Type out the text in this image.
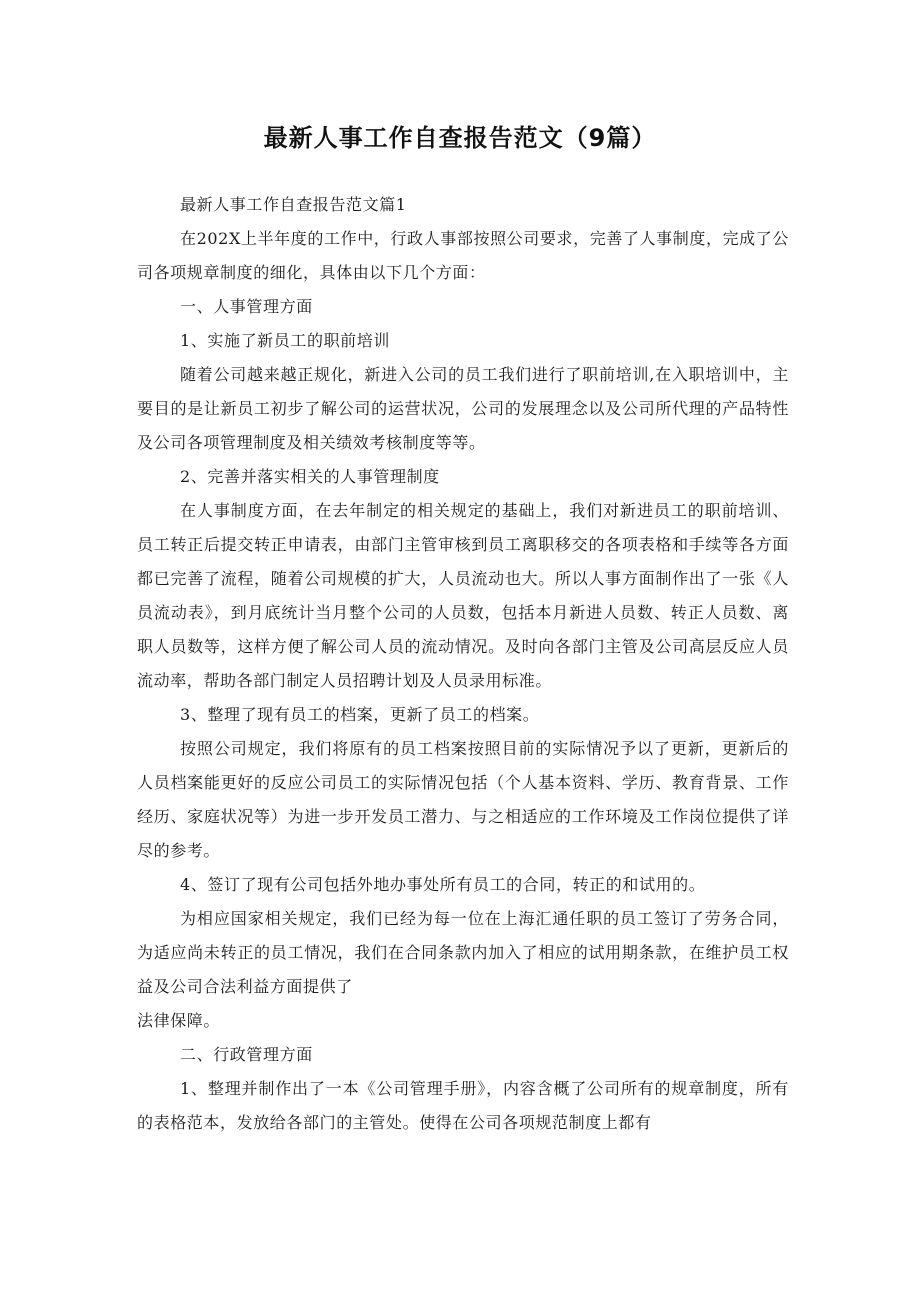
最新人事工作自查报告范文（9篇）

最新人事工作自查报告范文篇1

在202X上半年度的工作中，行政人事部按照公司要求，完善了人事制度，完成了公司各项规章制度的细化，具体由以下几个方面：

一、人事管理方面

1、实施了新员工的职前培训

随着公司越来越正规化，新进入公司的员工我们进行了职前培训,在入职培训中，主要目的是让新员工初步了解公司的运营状况，公司的发展理念以及公司所代理的产品特性及公司各项管理制度及相关绩效考核制度等等。

2、完善并落实相关的人事管理制度

在人事制度方面，在去年制定的相关规定的基础上，我们对新进员工的职前培训、员工转正后提交转正申请表，由部门主管审核到员工离职移交的各项表格和手续等各方面都已完善了流程，随着公司规模的扩大，人员流动也大。所以人事方面制作出了一张《人员流动表》，到月底统计当月整个公司的人员数，包括本月新进人员数、转正人员数、离职人员数等，这样方便了解公司人员的流动情况。及时向各部门主管及公司高层反应人员流动率，帮助各部门制定人员招聘计划及人员录用标准。

3、整理了现有员工的档案，更新了员工的档案。

按照公司规定，我们将原有的员工档案按照目前的实际情况予以了更新，更新后的人员档案能更好的反应公司员工的实际情况包括（个人基本资料、学历、教育背景、工作经历、家庭状况等）为进一步开发员工潜力、与之相适应的工作环境及工作岗位提供了详尽的参考。

4、签订了现有公司包括外地办事处所有员工的合同，转正的和试用的。

为相应国家相关规定，我们已经为每一位在上海汇通任职的员工签订了劳务合同，为适应尚未转正的员工情况，我们在合同条款内加入了相应的试用期条款，在维护员工权益及公司合法利益方面提供了

法律保障。

二、行政管理方面

1、整理并制作出了一本《公司管理手册》，内容含概了公司所有的规章制度，所有的表格范本，发放给各部门的主管处。使得在公司各项规范制度上都有
